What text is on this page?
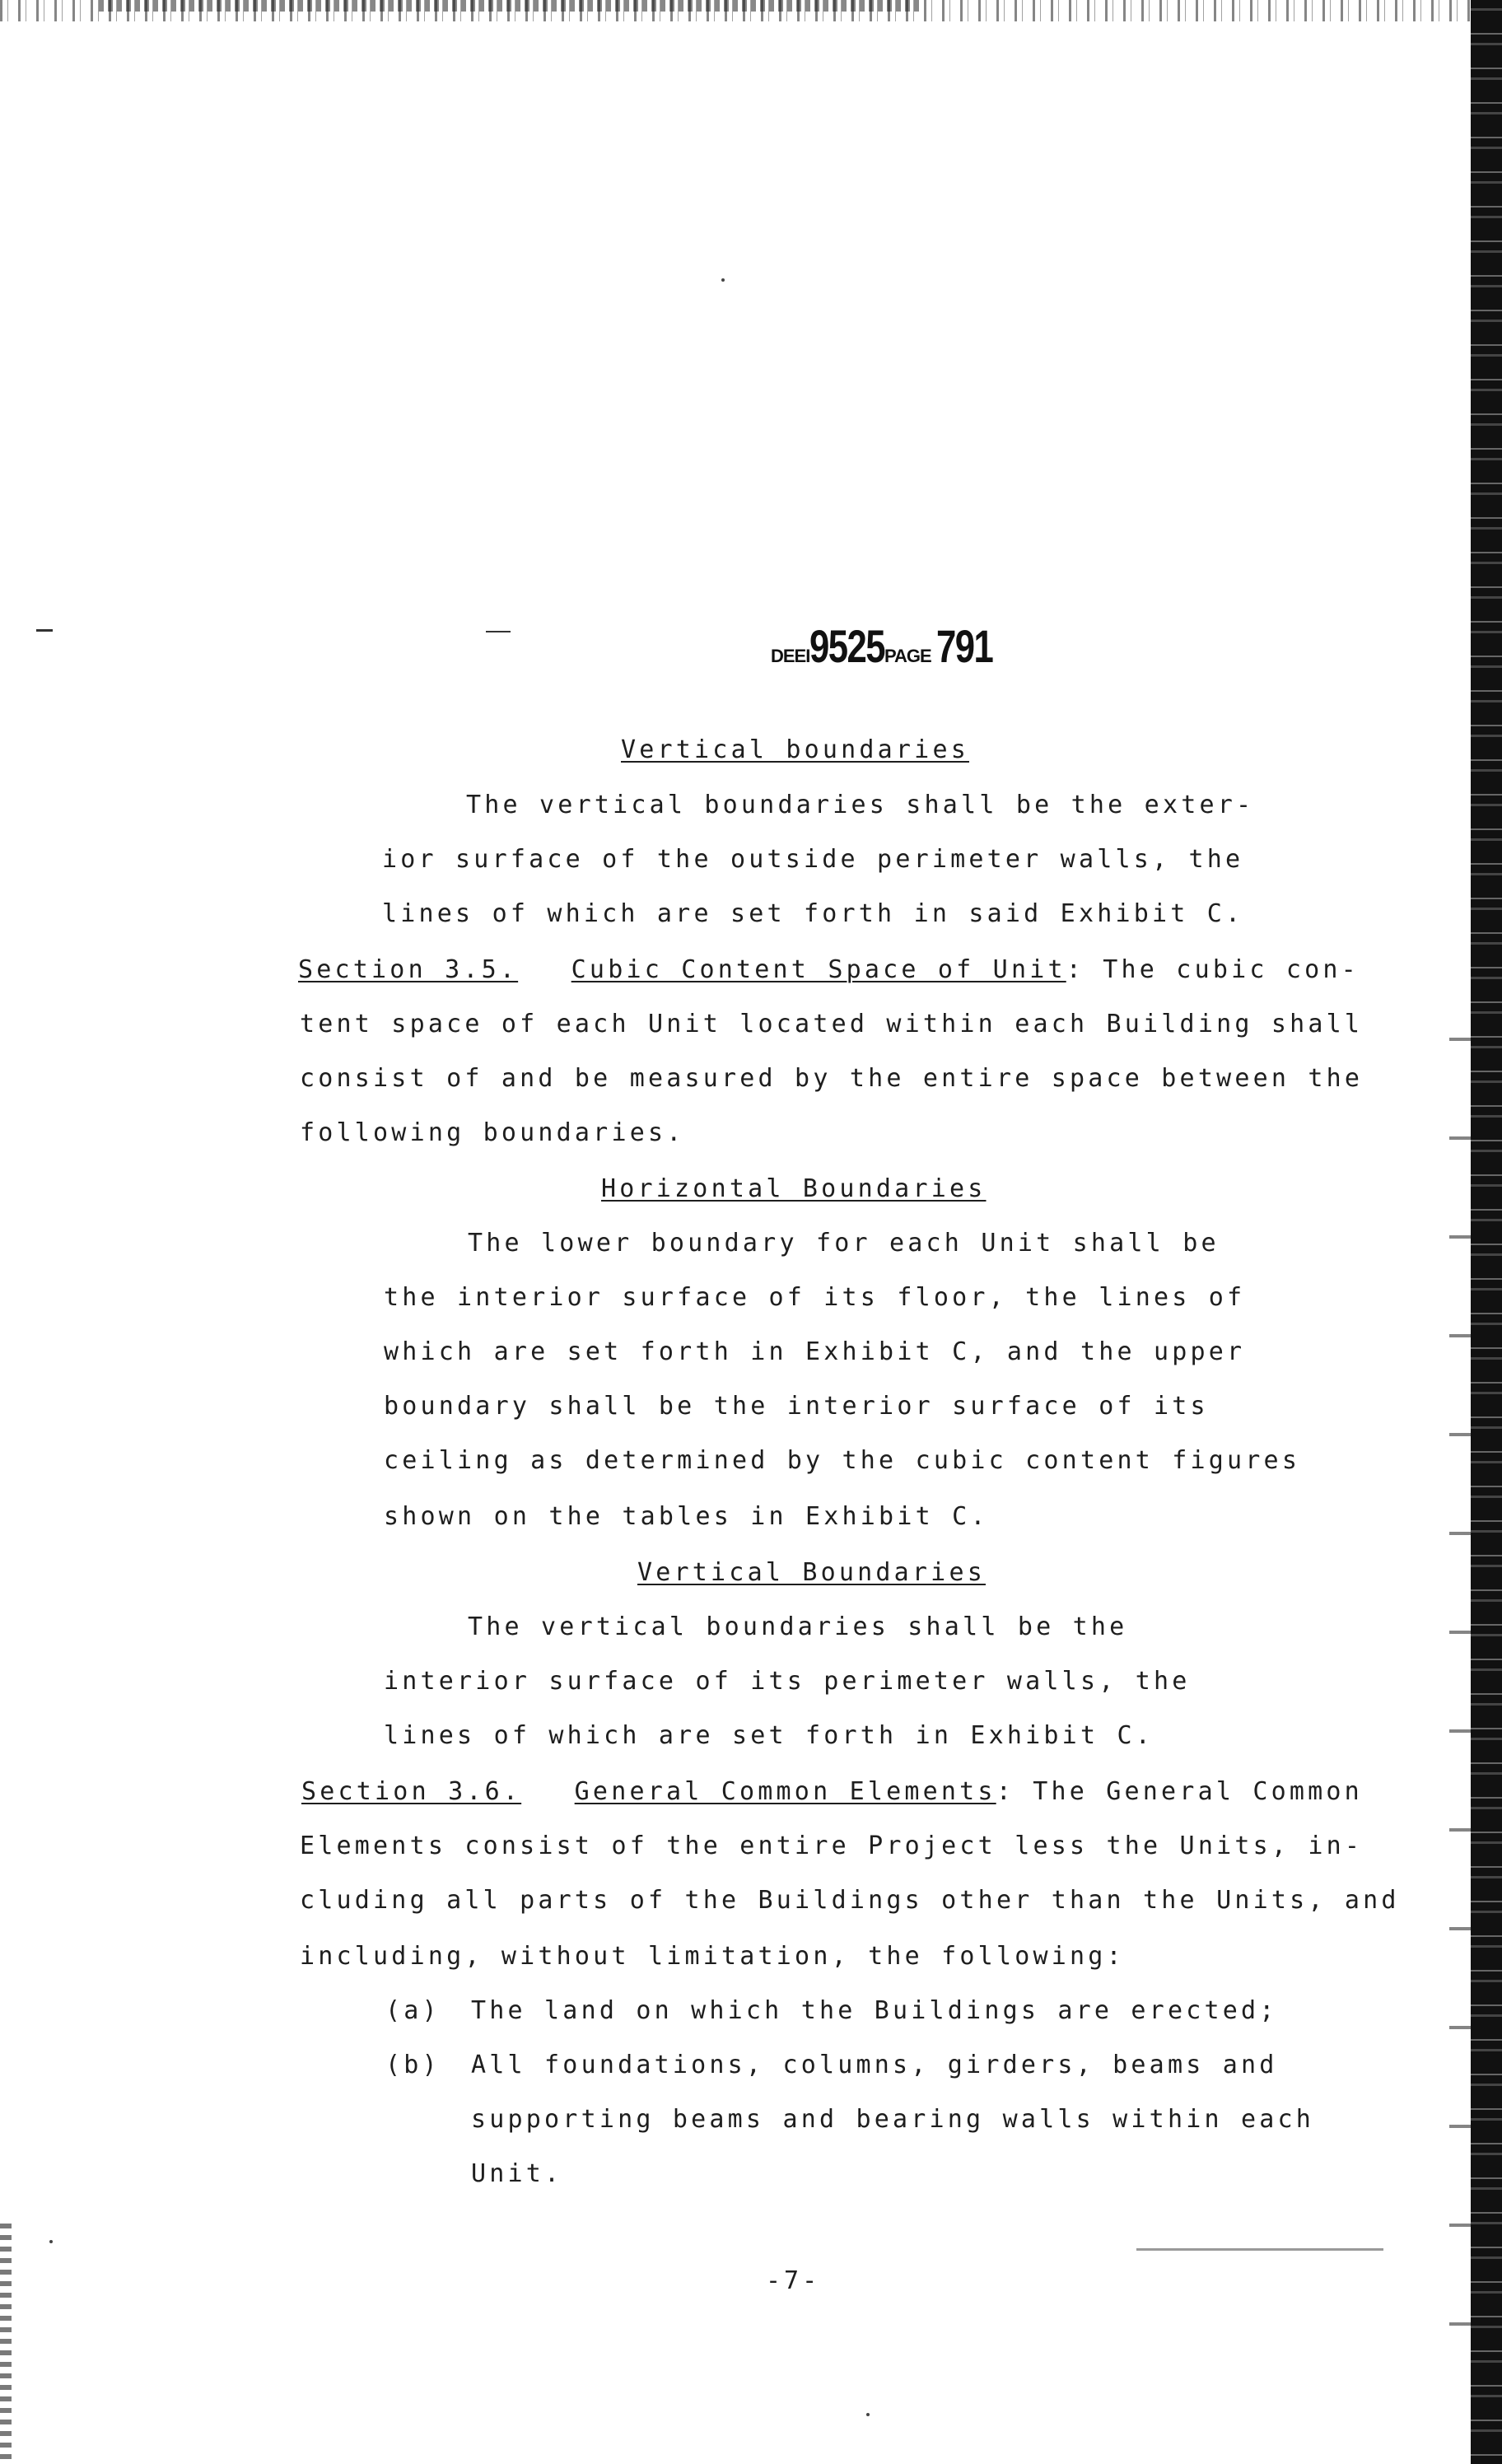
DEEI9525PAGE 791
Vertical boundaries
The vertical boundaries shall be the exter-
ior surface of the outside perimeter walls, the
lines of which are set forth in said Exhibit C.
Section 3.5. Cubic Content Space of Unit: The cubic con-
tent space of each Unit located within each Building shall
consist of and be measured by the entire space between the
following boundaries.
Horizontal Boundaries
The lower boundary for each Unit shall be
the interior surface of its floor, the lines of
which are set forth in Exhibit C, and the upper
boundary shall be the interior surface of its
ceiling as determined by the cubic content figures
shown on the tables in Exhibit C.
Vertical Boundaries
The vertical boundaries shall be the
interior surface of its perimeter walls, the
lines of which are set forth in Exhibit C.
Section 3.6. General Common Elements: The General Common
Elements consist of the entire Project less the Units, in-
cluding all parts of the Buildings other than the Units, and
including, without limitation, the following:
(a) The land on which the Buildings are erected;
(b) All foundations, columns, girders, beams and
supporting beams and bearing walls within each
Unit.
-7-
